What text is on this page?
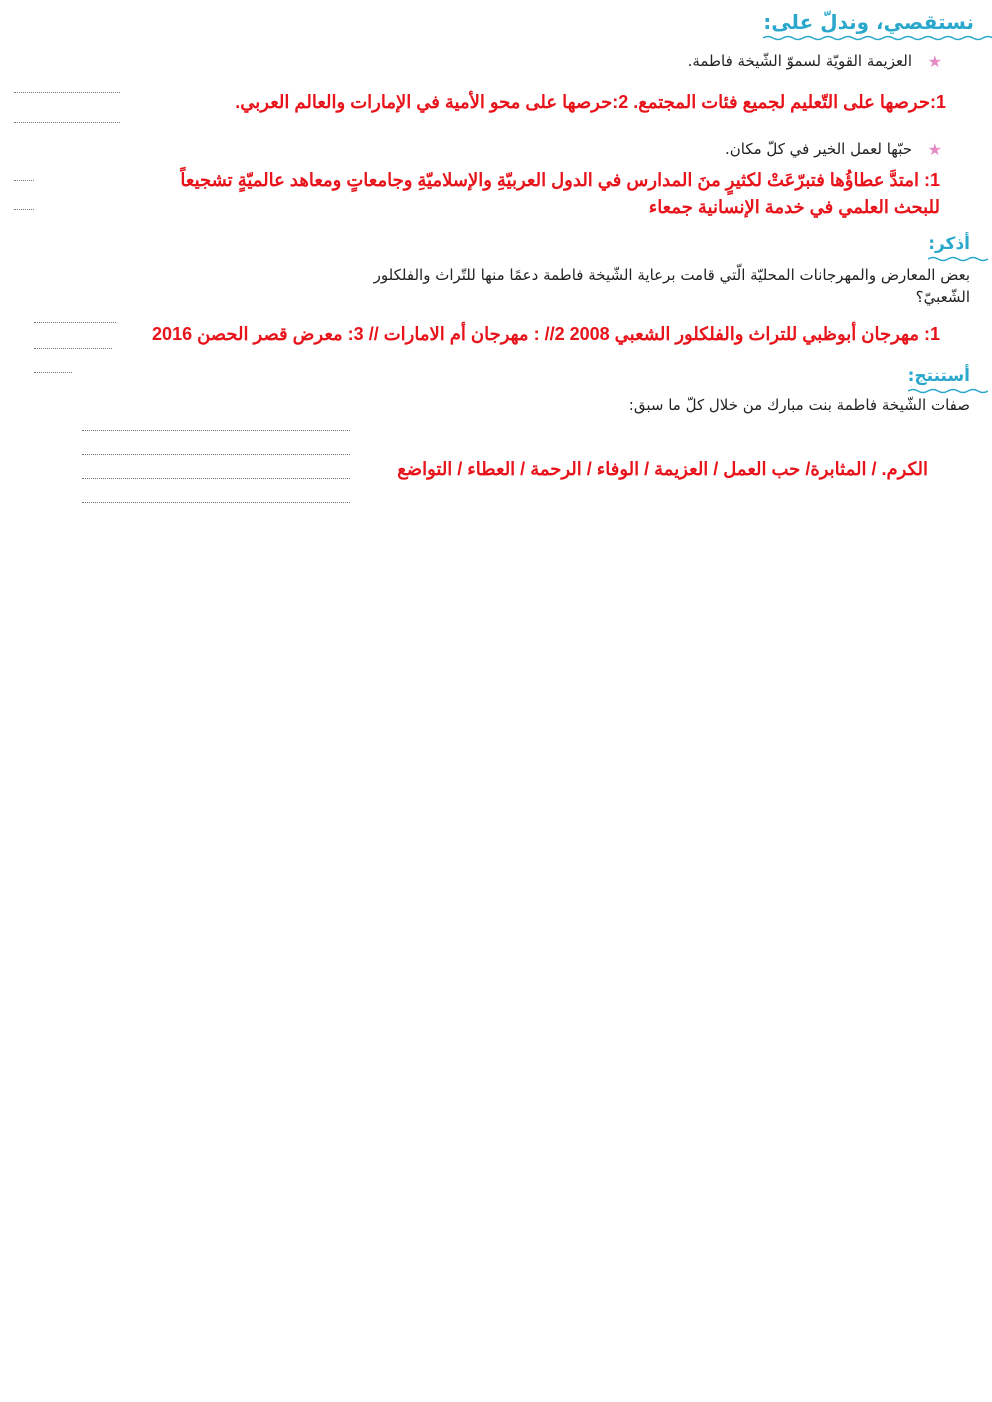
نستقصي، وندلّ على:
★
العزيمة القويّة لسموّ الشّيخة فاطمة.
1:حرصها على التّعليم لجميع فئات المجتمع. 2:حرصها على محو الأمية في الإمارات والعالم العربي.
★
حبّها لعمل الخير في كلّ مكان.
1: امتدَّ عطاؤُها فتبرّعَتْ لكثيرٍ منَ المدارس في الدول العربيّةِ والإسلاميّةِ وجامعاتٍ ومعاهد عالميّةٍ تشجيعاً
للبحث العلمي في خدمة الإنسانية جمعاء
أذكر:
بعض المعارض والمهرجانات المحليّة الّتي قامت برعاية الشّيخة فاطمة دعمًا منها للتّراث والفلكلور
الشّعبيّ؟
1: مهرجان أبوظبي للتراث والفلكلور الشعبي 2008 2// : مهرجان أم الامارات // 3: معرض قصر الحصن 2016
أستنتج:
صفات الشّيخة فاطمة بنت مبارك من خلال كلّ ما سبق:
الكرم. / المثابرة/ حب العمل / العزيمة / الوفاء / الرحمة / العطاء / التواضع
